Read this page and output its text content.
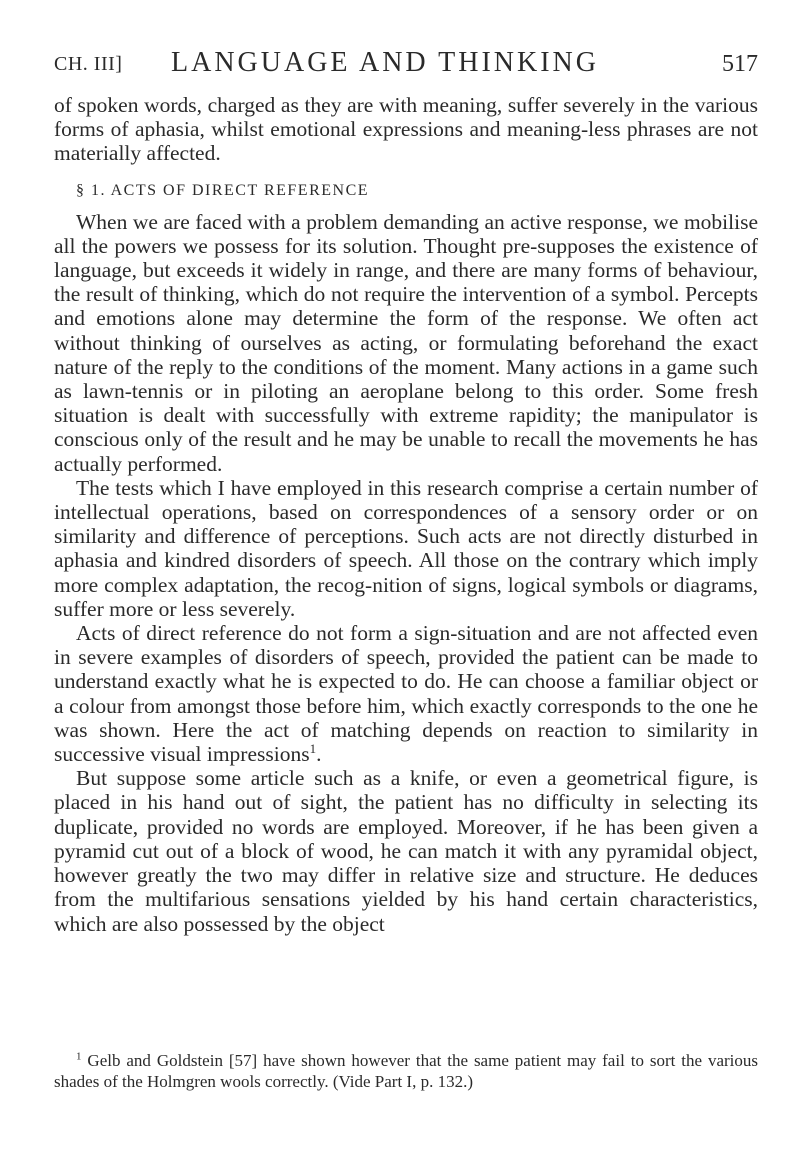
CH. III] LANGUAGE AND THINKING	517

of spoken words, charged as they are with meaning, suffer severely in the various forms of aphasia, whilst emotional expressions and meaning-less phrases are not materially affected.

§ 1. ACTS OF DIRECT REFERENCE

When we are faced with a problem demanding an active response, we mobilise all the powers we possess for its solution. Thought pre-supposes the existence of language, but exceeds it widely in range, and there are many forms of behaviour, the result of thinking, which do not require the intervention of a symbol. Percepts and emotions alone may determine the form of the response. We often act without thinking of ourselves as acting, or formulating beforehand the exact nature of the reply to the conditions of the moment. Many actions in a game such as lawn-tennis or in piloting an aeroplane belong to this order. Some fresh situation is dealt with successfully with extreme rapidity; the manipulator is conscious only of the result and he may be unable to recall the movements he has actually performed.

The tests which I have employed in this research comprise a certain number of intellectual operations, based on correspondences of a sensory order or on similarity and difference of perceptions. Such acts are not directly disturbed in aphasia and kindred disorders of speech. All those on the contrary which imply more complex adaptation, the recog-nition of signs, logical symbols or diagrams, suffer more or less severely.

Acts of direct reference do not form a sign-situation and are not affected even in severe examples of disorders of speech, provided the patient can be made to understand exactly what he is expected to do. He can choose a familiar object or a colour from amongst those before him, which exactly corresponds to the one he was shown. Here the act of matching depends on reaction to similarity in successive visual impressions$^1$.

But suppose some article such as a knife, or even a geometrical figure, is placed in his hand out of sight, the patient has no difficulty in selecting its duplicate, provided no words are employed. Moreover, if he has been given a pyramid cut out of a block of wood, he can match it with any pyramidal object, however greatly the two may differ in relative size and structure. He deduces from the multifarious sensations yielded by his hand certain characteristics, which are also possessed by the object

$^1$ Gelb and Goldstein [57] have shown however that the same patient may fail to sort the various shades of the Holmgren wools correctly. (Vide Part I, p. 132.)
